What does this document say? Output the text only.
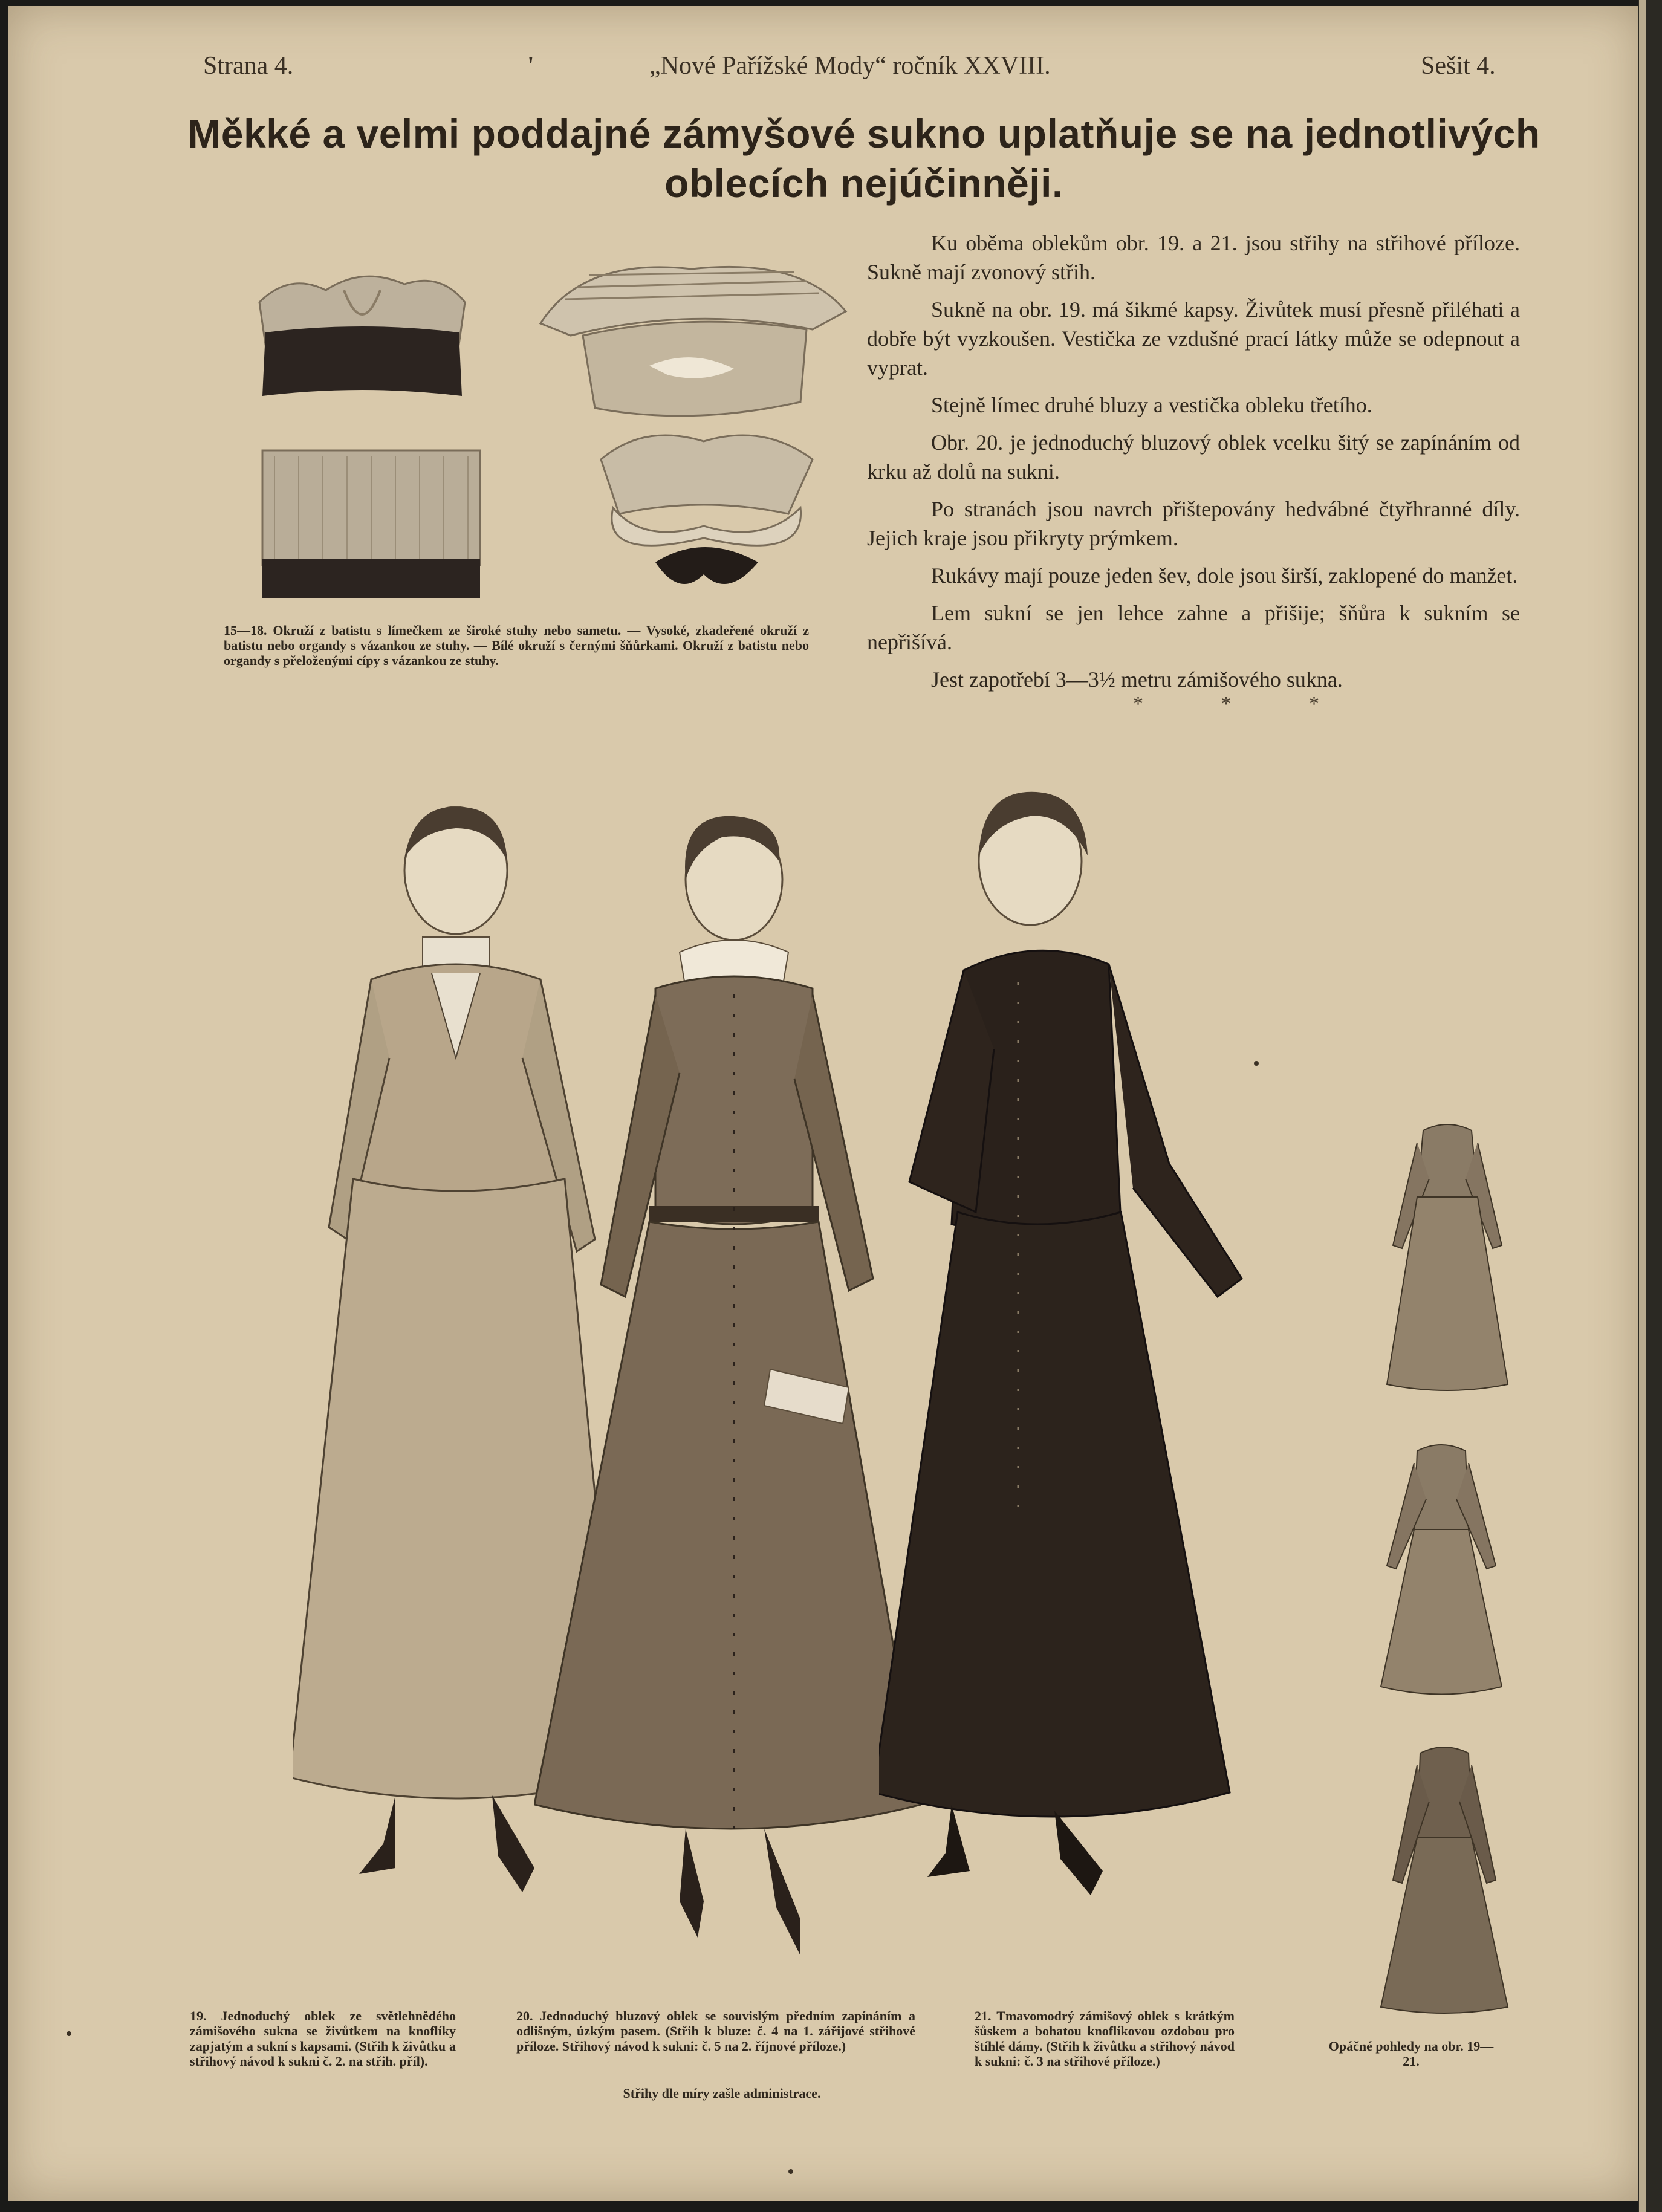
Strana 4.	'	„Nové Pařížské Mody“ ročník XXVIII.	Sešit 4.
Měkké a velmi poddajné zámyšové sukno uplatňuje se na jednotlivých
oblecích nejúčinněji.
15—18. Okruží z batistu s límečkem ze široké stuhy nebo sametu. — Vysoké, zkadeřené okruží z batistu nebo organdy s vázankou ze stuhy. — Bílé okruží s černými šňůrkami. Okruží z batistu nebo organdy s přeloženými cípy s vázankou ze stuhy.

Ku oběma oblekům obr. 19. a 21. jsou střihy na střihové příloze. Sukně mají zvonový střih.

Sukně na obr. 19. má šikmé kapsy. Živůtek musí přesně přiléhati a dobře být vyzkoušen. Vestička ze vzdušné prací látky může se odepnout a vyprat.

Stejně límec druhé bluzy a vestička obleku třetího.

Obr. 20. je jednoduchý bluzový oblek vcelku šitý se zapínáním od krku až dolů na sukni.

Po stranách jsou navrch přištepovány hedvábné čtyřhranné díly. Jejich kraje jsou přikryty prýmkem.

Rukávy mají pouze jeden šev, dole jsou širší, zaklopené do manžet.

Lem sukní se jen lehce zahne a přišije; šňůra k sukním se nepřišívá.

Jest zapotřebí 3—3½ metru zámišového sukna.

* * *
19. Jednoduchý oblek ze světlehnědého zámišového sukna se živůtkem na knoflíky zapjatým a sukní s kapsami. (Střih k živůtku a střihový návod k sukni č. 2. na střih. příl).
20. Jednoduchý bluzový oblek se souvislým předním zapínáním a odlišným, úzkým pasem. (Střih k bluze: č. 4 na 1. zářijové střihové příloze. Střihový návod k sukni: č. 5 na 2. říjnové příloze.)
Střihy dle míry zašle administrace.
21. Tmavomodrý zámišový oblek s krátkým šůskem a bohatou knoflíkovou ozdobou pro štíhlé dámy. (Střih k živůtku a střihový návod k sukni: č. 3 na střihové příloze.)
Opáčné pohledy na obr. 19—21.
